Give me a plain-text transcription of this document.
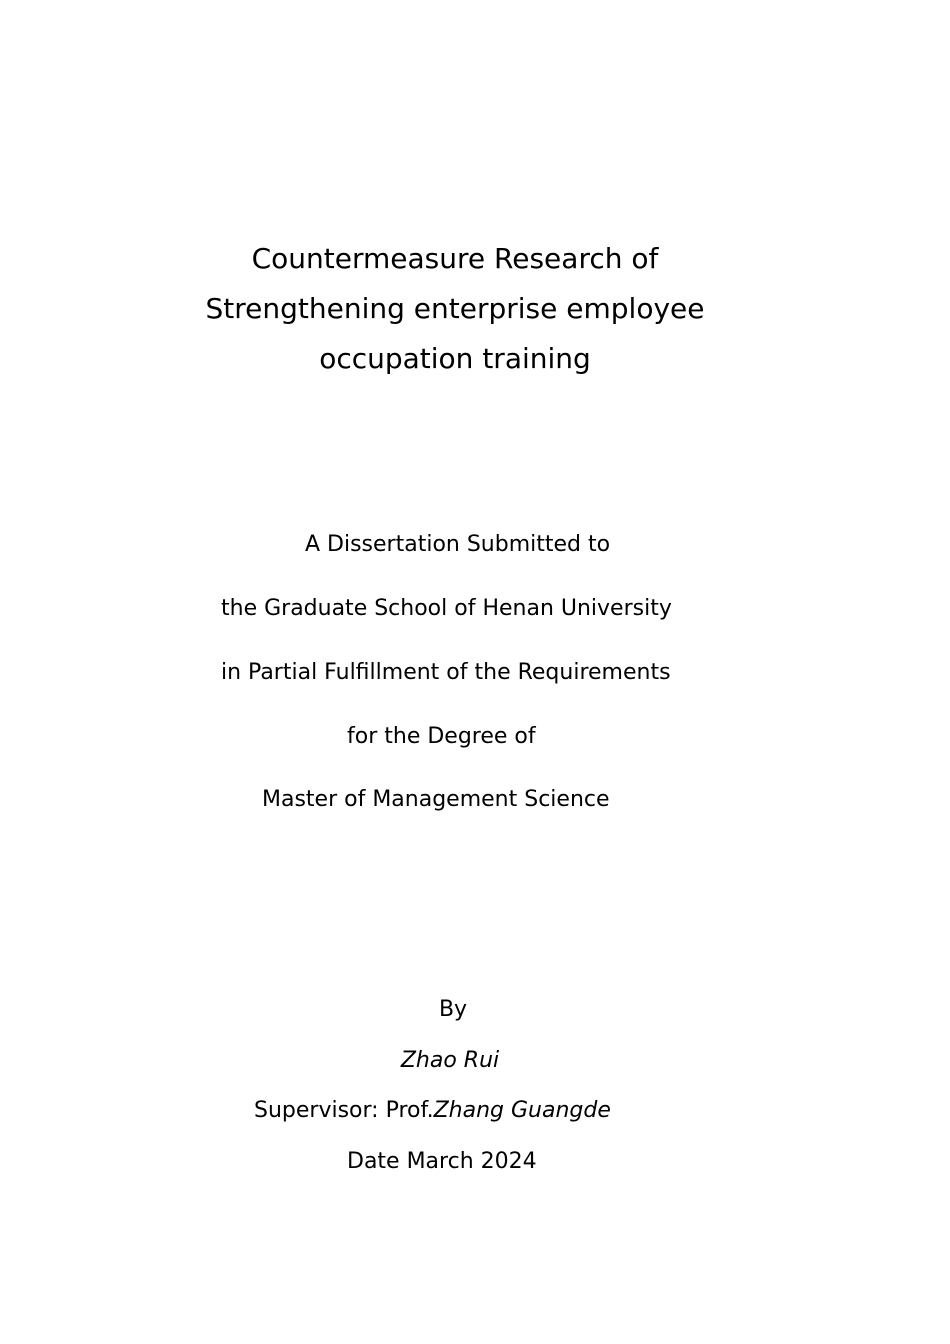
Countermeasure Research of
Strengthening enterprise employee
occupation training
A Dissertation Submitted to
the Graduate School of Henan University
in Partial Fulfillment of the Requirements
for the Degree of
Master of Management Science
By
Zhao Rui
Supervisor: Prof.Zhang Guangde
Date March 2024
